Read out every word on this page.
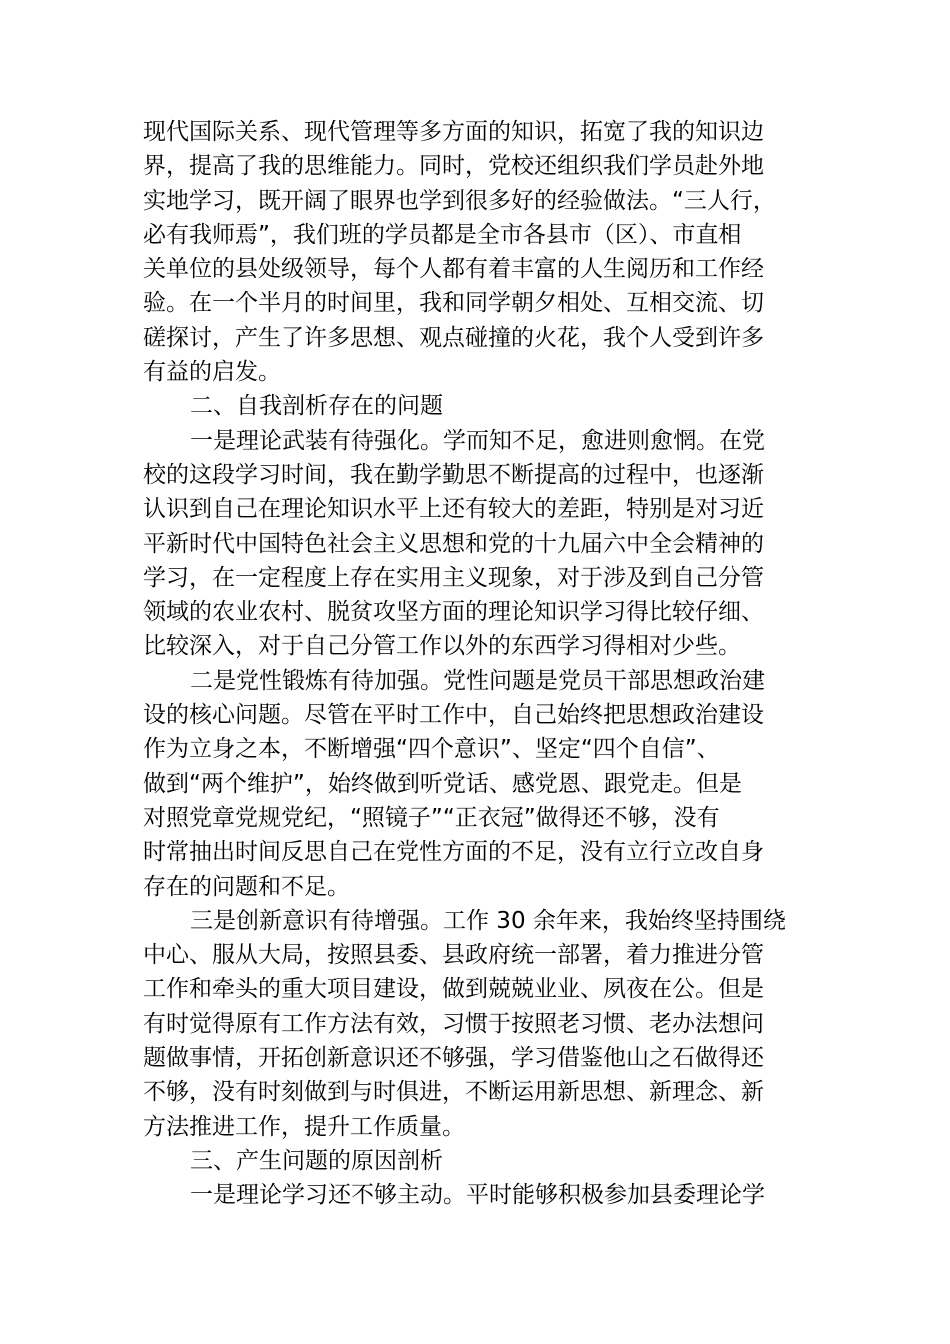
现代国际关系、现代管理等多方面的知识，拓宽了我的知识边
界，提高了我的思维能力。同时，党校还组织我们学员赴外地
实地学习，既开阔了眼界也学到很多好的经验做法。“三人行，
必有我师焉”，我们班的学员都是全市各县市（区）、市直相
关单位的县处级领导，每个人都有着丰富的人生阅历和工作经
验。在一个半月的时间里，我和同学朝夕相处、互相交流、切
磋探讨，产生了许多思想、观点碰撞的火花，我个人受到许多
有益的启发。
二、自我剖析存在的问题
一是理论武装有待强化。学而知不足，愈进则愈惘。在党
校的这段学习时间，我在勤学勤思不断提高的过程中，也逐渐
认识到自己在理论知识水平上还有较大的差距，特别是对习近
平新时代中国特色社会主义思想和党的十九届六中全会精神的
学习，在一定程度上存在实用主义现象，对于涉及到自己分管
领域的农业农村、脱贫攻坚方面的理论知识学习得比较仔细、
比较深入，对于自己分管工作以外的东西学习得相对少些。
二是党性锻炼有待加强。党性问题是党员干部思想政治建
设的核心问题。尽管在平时工作中，自己始终把思想政治建设
作为立身之本，不断增强“四个意识”、坚定“四个自信”、
做到“两个维护”，始终做到听党话、感党恩、跟党走。但是
对照党章党规党纪，“照镜子”“正衣冠”做得还不够，没有
时常抽出时间反思自己在党性方面的不足，没有立行立改自身
存在的问题和不足。
三是创新意识有待增强。工作 30 余年来，我始终坚持围绕
中心、服从大局，按照县委、县政府统一部署，着力推进分管
工作和牵头的重大项目建设，做到兢兢业业、夙夜在公。但是
有时觉得原有工作方法有效，习惯于按照老习惯、老办法想问
题做事情，开拓创新意识还不够强，学习借鉴他山之石做得还
不够，没有时刻做到与时俱进，不断运用新思想、新理念、新
方法推进工作，提升工作质量。
三、产生问题的原因剖析
一是理论学习还不够主动。平时能够积极参加县委理论学
